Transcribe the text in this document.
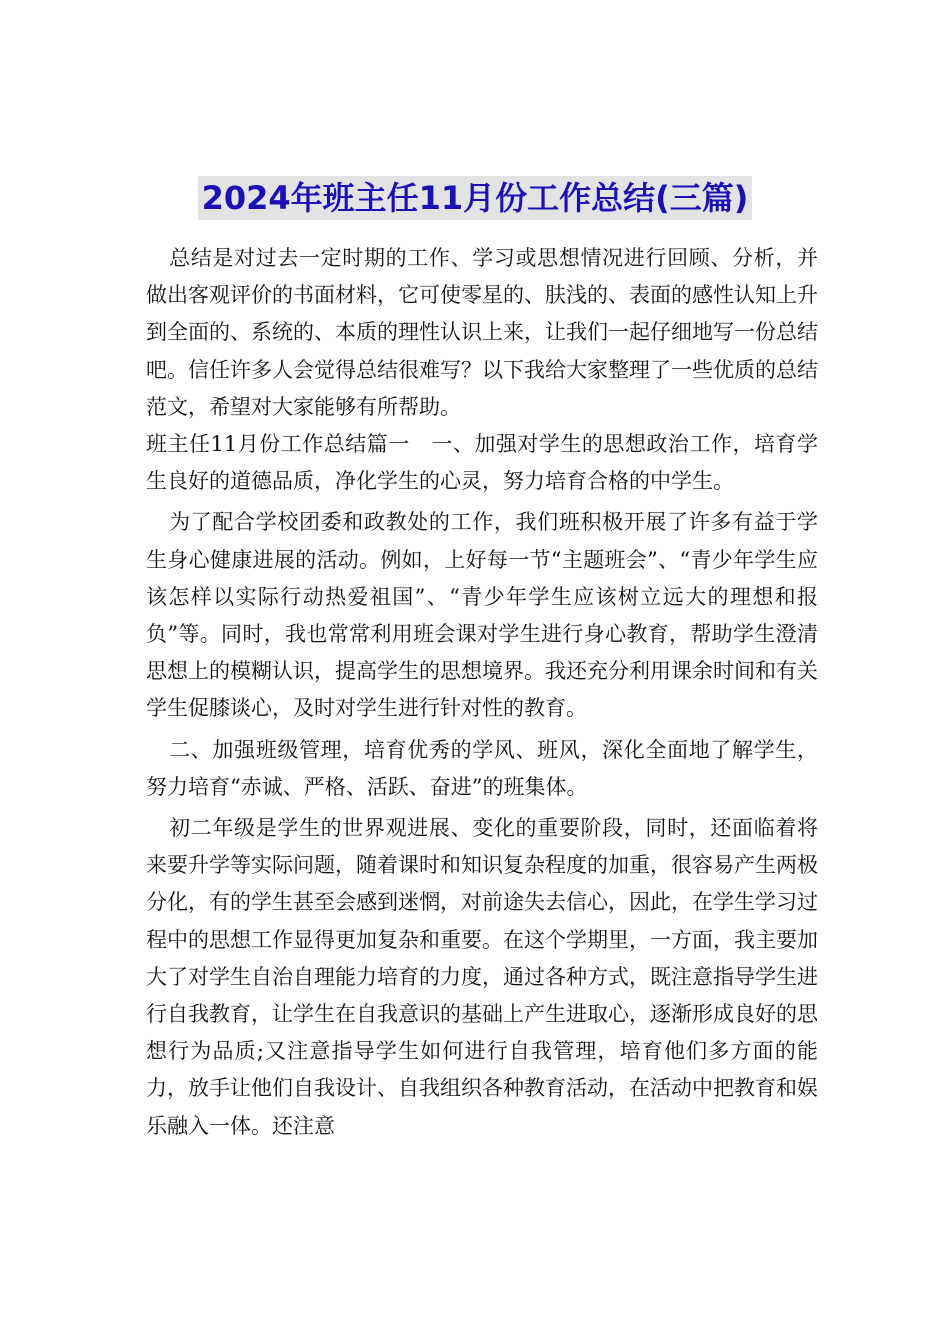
2024年班主任11月份工作总结(三篇)

总结是对过去一定时期的工作、学习或思想情况进行回顾、分析，并做出客观评价的书面材料，它可使零星的、肤浅的、表面的感性认知上升到全面的、系统的、本质的理性认识上来，让我们一起仔细地写一份总结吧。信任许多人会觉得总结很难写？以下我给大家整理了一些优质的总结范文，希望对大家能够有所帮助。

班主任11月份工作总结篇一　一、加强对学生的思想政治工作，培育学生良好的道德品质，净化学生的心灵，努力培育合格的中学生。

为了配合学校团委和政教处的工作，我们班积极开展了许多有益于学生身心健康进展的活动。例如，上好每一节“主题班会”、“青少年学生应该怎样以实际行动热爱祖国”、“青少年学生应该树立远大的理想和报负”等。同时，我也常常利用班会课对学生进行身心教育，帮助学生澄清思想上的模糊认识，提高学生的思想境界。我还充分利用课余时间和有关学生促膝谈心，及时对学生进行针对性的教育。

二、加强班级管理，培育优秀的学风、班风，深化全面地了解学生，努力培育“赤诚、严格、活跃、奋进”的班集体。

初二年级是学生的世界观进展、变化的重要阶段，同时，还面临着将来要升学等实际问题，随着课时和知识复杂程度的加重，很容易产生两极分化，有的学生甚至会感到迷惘，对前途失去信心，因此，在学生学习过程中的思想工作显得更加复杂和重要。在这个学期里，一方面，我主要加大了对学生自治自理能力培育的力度，通过各种方式，既注意指导学生进行自我教育，让学生在自我意识的基础上产生进取心，逐渐形成良好的思想行为品质;又注意指导学生如何进行自我管理，培育他们多方面的能力，放手让他们自我设计、自我组织各种教育活动，在活动中把教育和娱乐融入一体。还注意
